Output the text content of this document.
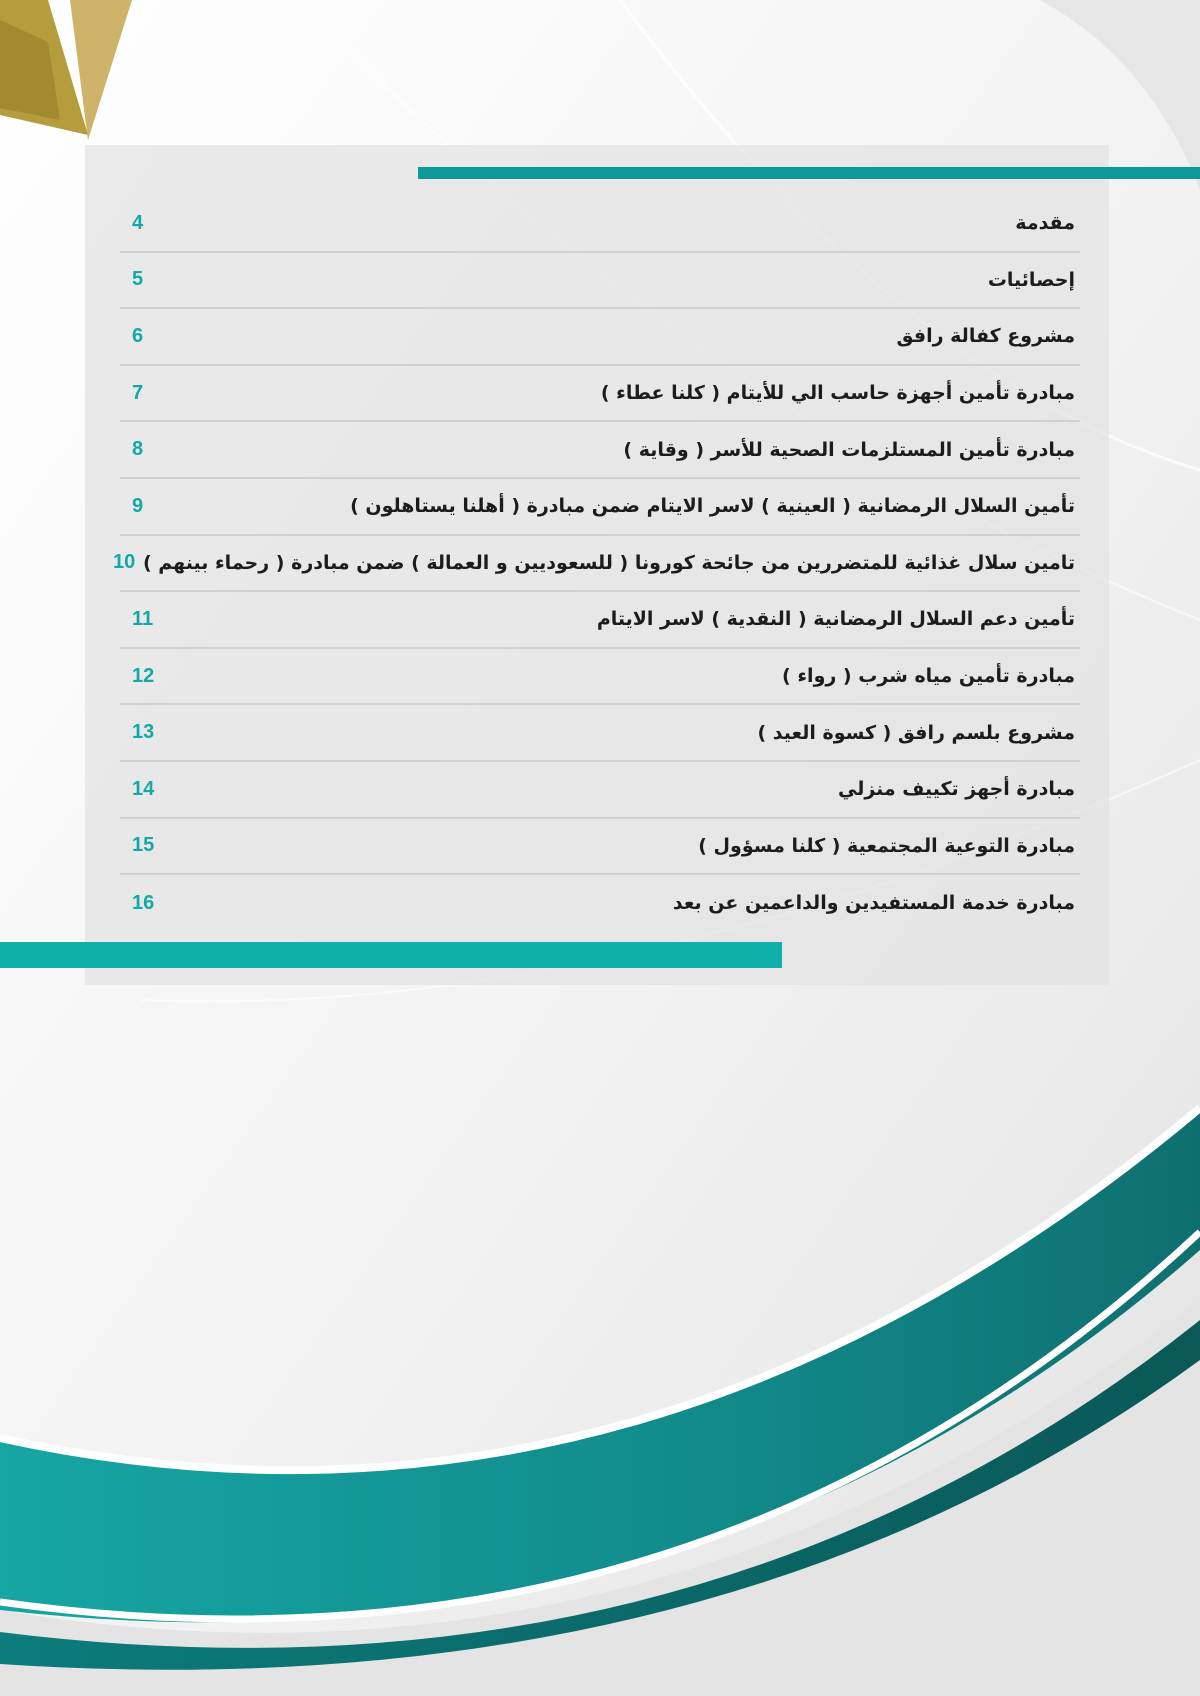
مقدمة
4
إحصائيات
5
مشروع كفالة رافق
6
مبادرة تأمين أجهزة حاسب الي للأيتام ( كلنا عطاء )
7
مبادرة تأمين المستلزمات الصحية للأسر ( وقاية )
8
تأمين السلال الرمضانية ( العينية ) لاسر الايتام ضمن مبادرة ( أهلنا يستاهلون )
9
تامين سلال غذائية للمتضررين من جائحة كورونا ( للسعوديين و العمالة ) ضمن مبادرة ( رحماء بينهم )
10
تأمين دعم السلال الرمضانية ( النقدية ) لاسر الايتام
11
مبادرة تأمين مياه شرب ( رواء )
12
مشروع بلسم رافق ( كسوة العيد )
13
مبادرة أجهز تكييف منزلي
14
مبادرة التوعية المجتمعية ( كلنا مسؤول )
15
مبادرة خدمة المستفيدين والداعمين عن بعد
16
